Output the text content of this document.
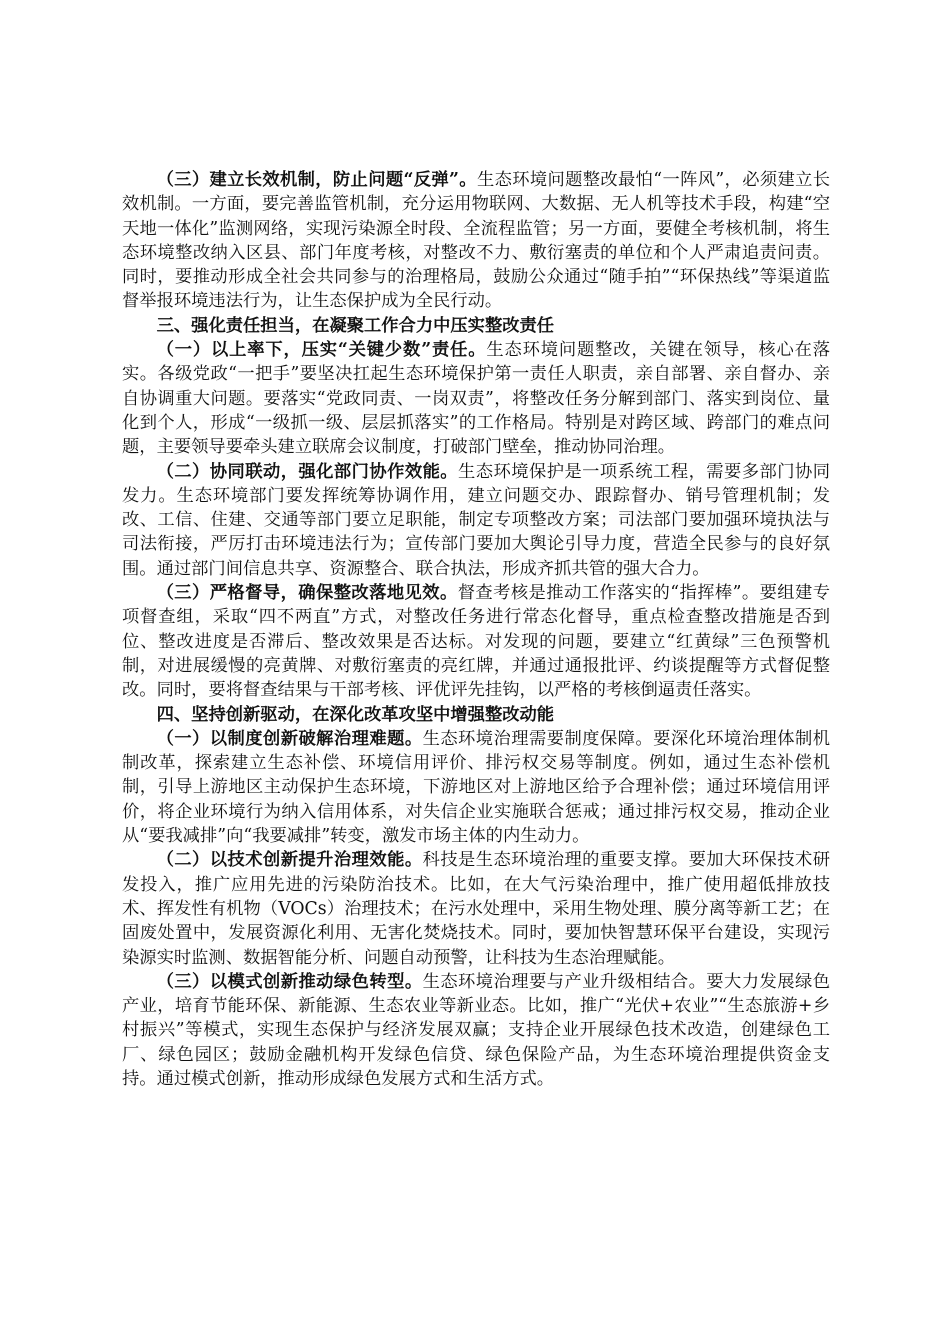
（三）建立长效机制，防止问题“反弹”。生态环境问题整改最怕“一阵风”，必须建立长效机制。一方面，要完善监管机制，充分运用物联网、大数据、无人机等技术手段，构建“空天地一体化”监测网络，实现污染源全时段、全流程监管；另一方面，要健全考核机制，将生态环境整改纳入区县、部门年度考核，对整改不力、敷衍塞责的单位和个人严肃追责问责。同时，要推动形成全社会共同参与的治理格局，鼓励公众通过“随手拍”“环保热线”等渠道监督举报环境违法行为，让生态保护成为全民行动。

三、强化责任担当，在凝聚工作合力中压实整改责任

（一）以上率下，压实“关键少数”责任。生态环境问题整改，关键在领导，核心在落实。各级党政“一把手”要坚决扛起生态环境保护第一责任人职责，亲自部署、亲自督办、亲自协调重大问题。要落实“党政同责、一岗双责”，将整改任务分解到部门、落实到岗位、量化到个人，形成“一级抓一级、层层抓落实”的工作格局。特别是对跨区域、跨部门的难点问题，主要领导要牵头建立联席会议制度，打破部门壁垒，推动协同治理。

（二）协同联动，强化部门协作效能。生态环境保护是一项系统工程，需要多部门协同发力。生态环境部门要发挥统筹协调作用，建立问题交办、跟踪督办、销号管理机制；发改、工信、住建、交通等部门要立足职能，制定专项整改方案；司法部门要加强环境执法与司法衔接，严厉打击环境违法行为；宣传部门要加大舆论引导力度，营造全民参与的良好氛围。通过部门间信息共享、资源整合、联合执法，形成齐抓共管的强大合力。

（三）严格督导，确保整改落地见效。督查考核是推动工作落实的“指挥棒”。要组建专项督查组，采取“四不两直”方式，对整改任务进行常态化督导，重点检查整改措施是否到位、整改进度是否滞后、整改效果是否达标。对发现的问题，要建立“红黄绿”三色预警机制，对进展缓慢的亮黄牌、对敷衍塞责的亮红牌，并通过通报批评、约谈提醒等方式督促整改。同时，要将督查结果与干部考核、评优评先挂钩，以严格的考核倒逼责任落实。

四、坚持创新驱动，在深化改革攻坚中增强整改动能

（一）以制度创新破解治理难题。生态环境治理需要制度保障。要深化环境治理体制机制改革，探索建立生态补偿、环境信用评价、排污权交易等制度。例如，通过生态补偿机制，引导上游地区主动保护生态环境，下游地区对上游地区给予合理补偿；通过环境信用评价，将企业环境行为纳入信用体系，对失信企业实施联合惩戒；通过排污权交易，推动企业从“要我减排”向“我要减排”转变，激发市场主体的内生动力。

（二）以技术创新提升治理效能。科技是生态环境治理的重要支撑。要加大环保技术研发投入，推广应用先进的污染防治技术。比如，在大气污染治理中，推广使用超低排放技术、挥发性有机物（VOCs）治理技术；在污水处理中，采用生物处理、膜分离等新工艺；在固废处置中，发展资源化利用、无害化焚烧技术。同时，要加快智慧环保平台建设，实现污染源实时监测、数据智能分析、问题自动预警，让科技为生态治理赋能。

（三）以模式创新推动绿色转型。生态环境治理要与产业升级相结合。要大力发展绿色产业，培育节能环保、新能源、生态农业等新业态。比如，推广“光伏+农业”“生态旅游+乡村振兴”等模式，实现生态保护与经济发展双赢；支持企业开展绿色技术改造，创建绿色工厂、绿色园区；鼓励金融机构开发绿色信贷、绿色保险产品，为生态环境治理提供资金支持。通过模式创新，推动形成绿色发展方式和生活方式。
